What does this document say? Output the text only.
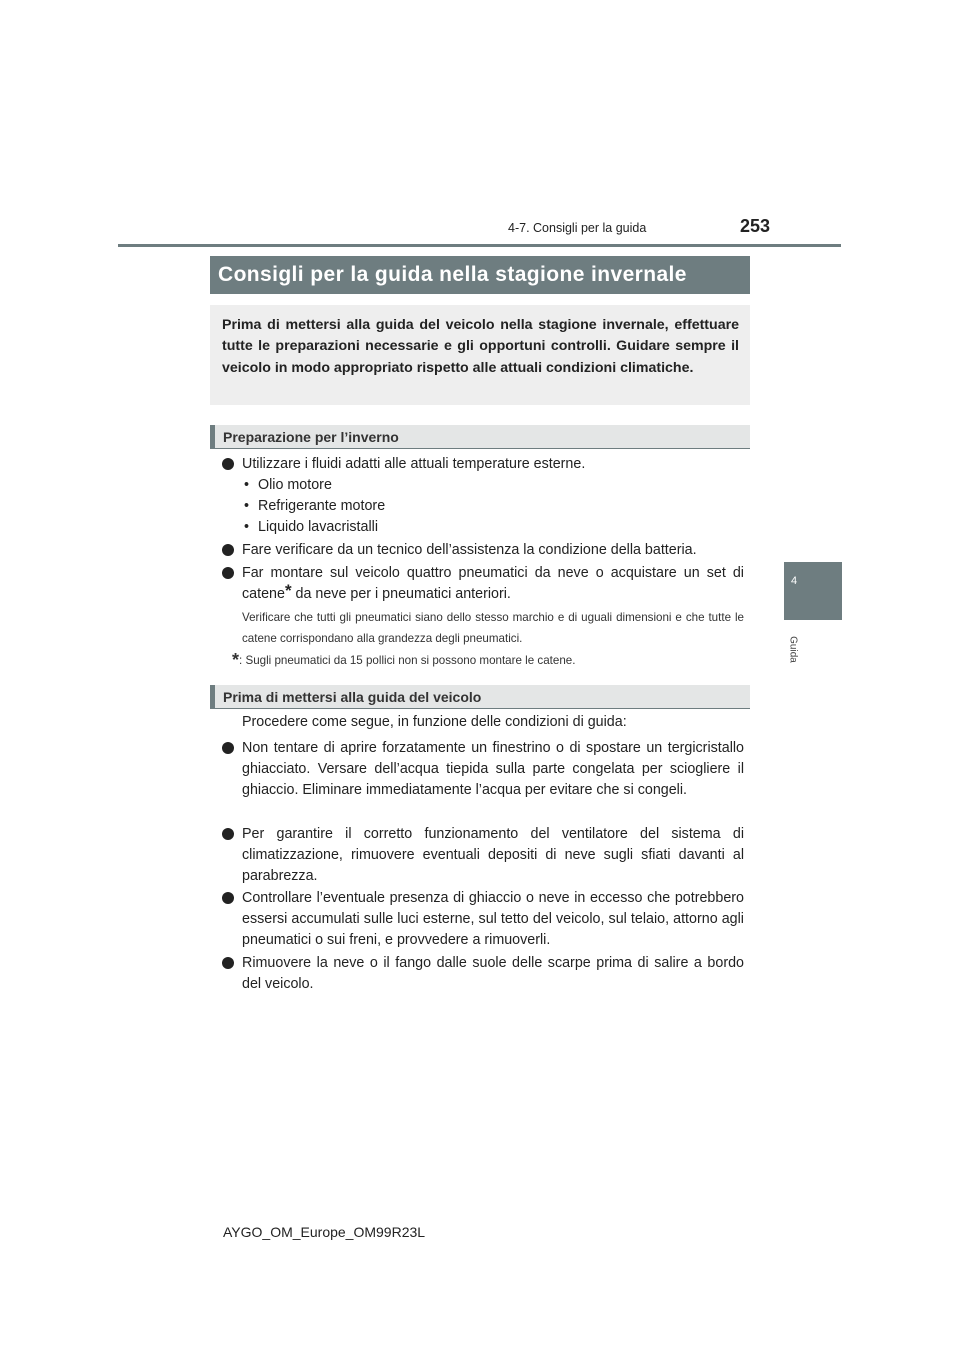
4-7. Consigli per la guida	253
4
Guida
Consigli per la guida nella stagione invernale
Prima di mettersi alla guida del veicolo nella stagione invernale, effettuare tutte le preparazioni necessarie e gli opportuni controlli. Guidare sempre il veicolo in modo appropriato rispetto alle attuali condizioni climatiche.
Preparazione per l’inverno
Utilizzare i fluidi adatti alle attuali temperature esterne.
• Olio motore
• Refrigerante motore
• Liquido lavacristalli
Fare verificare da un tecnico dell’assistenza la condizione della batteria.
Far montare sul veicolo quattro pneumatici da neve o acquistare un set di catene* da neve per i pneumatici anteriori.
Verificare che tutti gli pneumatici siano dello stesso marchio e di uguali dimensioni e che tutte le catene corrispondano alla grandezza degli pneumatici.
*: Sugli pneumatici da 15 pollici non si possono montare le catene.
Prima di mettersi alla guida del veicolo
Procedere come segue, in funzione delle condizioni di guida:
Non tentare di aprire forzatamente un finestrino o di spostare un tergicristallo ghiacciato. Versare dell’acqua tiepida sulla parte congelata per sciogliere il ghiaccio. Eliminare immediatamente l’acqua per evitare che si congeli.
Per garantire il corretto funzionamento del ventilatore del sistema di climatizzazione, rimuovere eventuali depositi di neve sugli sfiati davanti al parabrezza.
Controllare l’eventuale presenza di ghiaccio o neve in eccesso che potrebbero essersi accumulati sulle luci esterne, sul tetto del veicolo, sul telaio, attorno agli pneumatici o sui freni, e provvedere a rimuoverli.
Rimuovere la neve o il fango dalle suole delle scarpe prima di salire a bordo del veicolo.
AYGO_OM_Europe_OM99R23L
